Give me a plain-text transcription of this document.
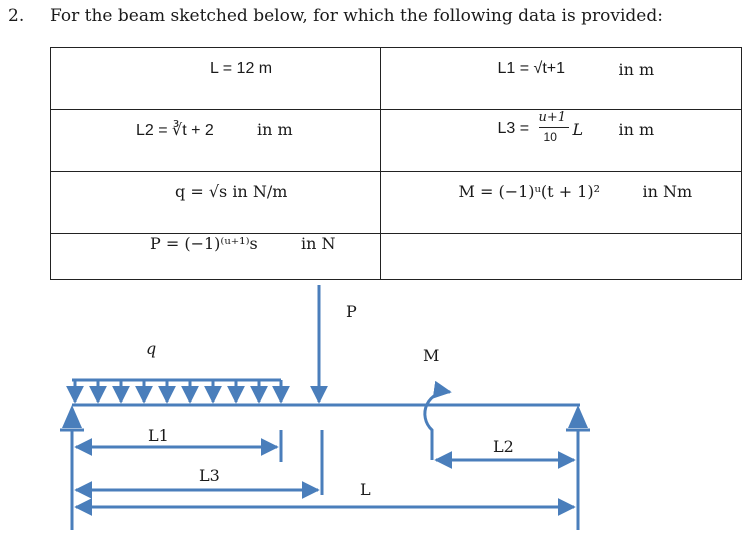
2. For the beam sketched below, for which the following data is provided:
L = 12 m	L1 = √t+1 in m

L2 = ∛t + 2 in m	L3 =
u+1
10 L in m

q = √s in N/m	M = (−1)ᵘ(t + 1)² in Nm

P = (−1)⁽ᵘ⁺¹⁾s in N	

q
P
M
L1
L2
L3
L
